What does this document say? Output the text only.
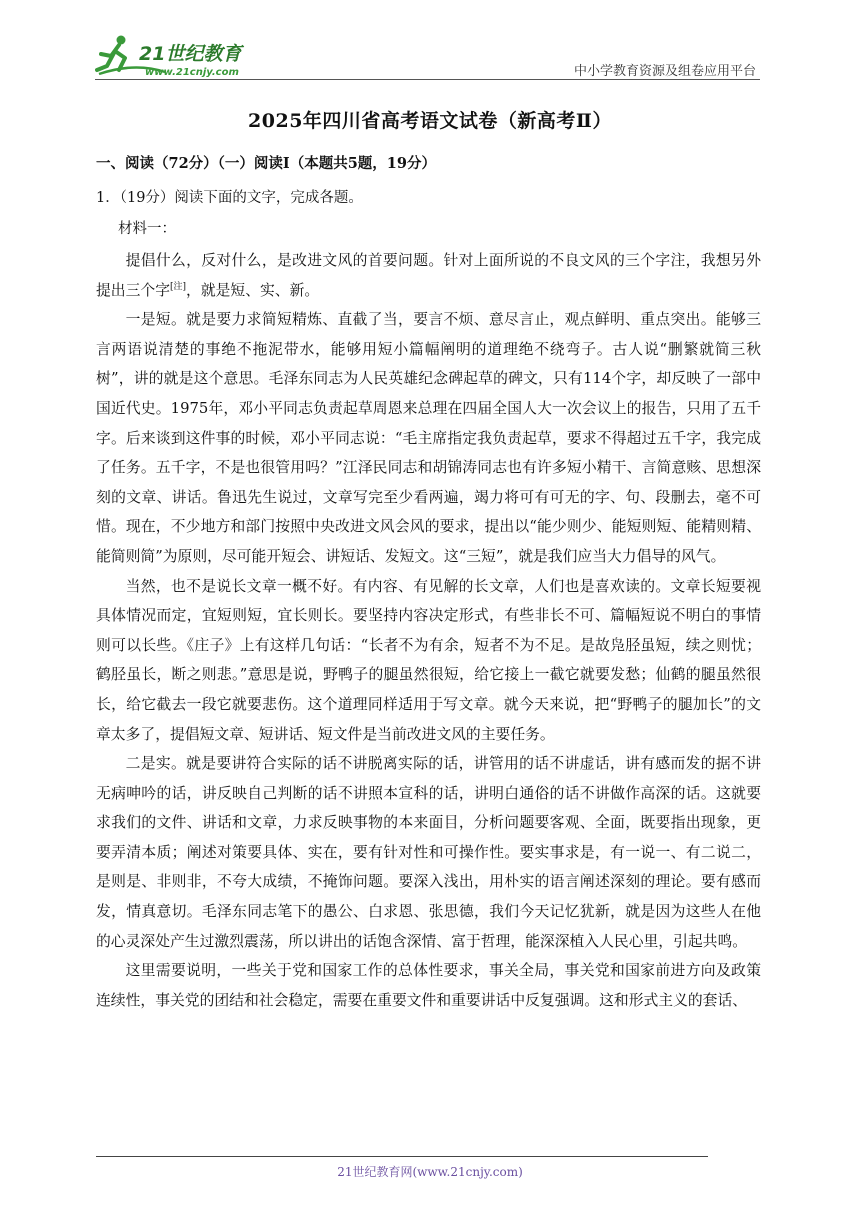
21世纪教育
www.21cnjy.com	中小学教育资源及组卷应用平台
2025年四川省高考语文试卷（新高考Ⅱ）
一、阅读（72分）（一）阅读I（本题共5题，19分）
1．（19分）阅读下面的文字，完成各题。
材料一：

提倡什么，反对什么，是改进文风的首要问题。针对上面所说的不良文风的三个字注，我想另外提出三个字[注]，就是短、实、新。

一是短。就是要力求简短精炼、直截了当，要言不烦、意尽言止，观点鲜明、重点突出。能够三言两语说清楚的事绝不拖泥带水，能够用短小篇幅阐明的道理绝不绕弯子。古人说“删繁就简三秋树”，讲的就是这个意思。毛泽东同志为人民英雄纪念碑起草的碑文，只有114个字，却反映了一部中国近代史。1975年，邓小平同志负责起草周恩来总理在四届全国人大一次会议上的报告，只用了五千字。后来谈到这件事的时候，邓小平同志说：“毛主席指定我负责起草，要求不得超过五千字，我完成了任务。五千字，不是也很管用吗？”江泽民同志和胡锦涛同志也有许多短小精干、言简意赅、思想深刻的文章、讲话。鲁迅先生说过，文章写完至少看两遍，竭力将可有可无的字、句、段删去，毫不可惜。现在，不少地方和部门按照中央改进文风会风的要求，提出以“能少则少、能短则短、能精则精、能简则简”为原则，尽可能开短会、讲短话、发短文。这“三短”，就是我们应当大力倡导的风气。

当然，也不是说长文章一概不好。有内容、有见解的长文章，人们也是喜欢读的。文章长短要视具体情况而定，宜短则短，宜长则长。要坚持内容决定形式，有些非长不可、篇幅短说不明白的事情则可以长些。《庄子》上有这样几句话：“长者不为有余，短者不为不足。是故凫胫虽短，续之则忧；鹤胫虽长，断之则悲。”意思是说，野鸭子的腿虽然很短，给它接上一截它就要发愁；仙鹤的腿虽然很长，给它截去一段它就要悲伤。这个道理同样适用于写文章。就今天来说，把“野鸭子的腿加长”的文章太多了，提倡短文章、短讲话、短文件是当前改进文风的主要任务。

二是实。就是要讲符合实际的话不讲脱离实际的话，讲管用的话不讲虚话，讲有感而发的据不讲无病呻吟的话，讲反映自己判断的话不讲照本宣科的话，讲明白通俗的话不讲做作高深的话。这就要求我们的文件、讲话和文章，力求反映事物的本来面目，分析问题要客观、全面，既要指出现象，更要弄清本质；阐述对策要具体、实在，要有针对性和可操作性。要实事求是，有一说一、有二说二，是则是、非则非，不夸大成绩，不掩饰问题。要深入浅出，用朴实的语言阐述深刻的理论。要有感而发，情真意切。毛泽东同志笔下的愚公、白求恩、张思德，我们今天记忆犹新，就是因为这些人在他的心灵深处产生过激烈震荡，所以讲出的话饱含深情、富于哲理，能深深植入人民心里，引起共鸣。

这里需要说明，一些关于党和国家工作的总体性要求，事关全局，事关党和国家前进方向及政策连续性，事关党的团结和社会稳定，需要在重要文件和重要讲话中反复强调。这和形式主义的套话、

21世纪教育网(www.21cnjy.com)
